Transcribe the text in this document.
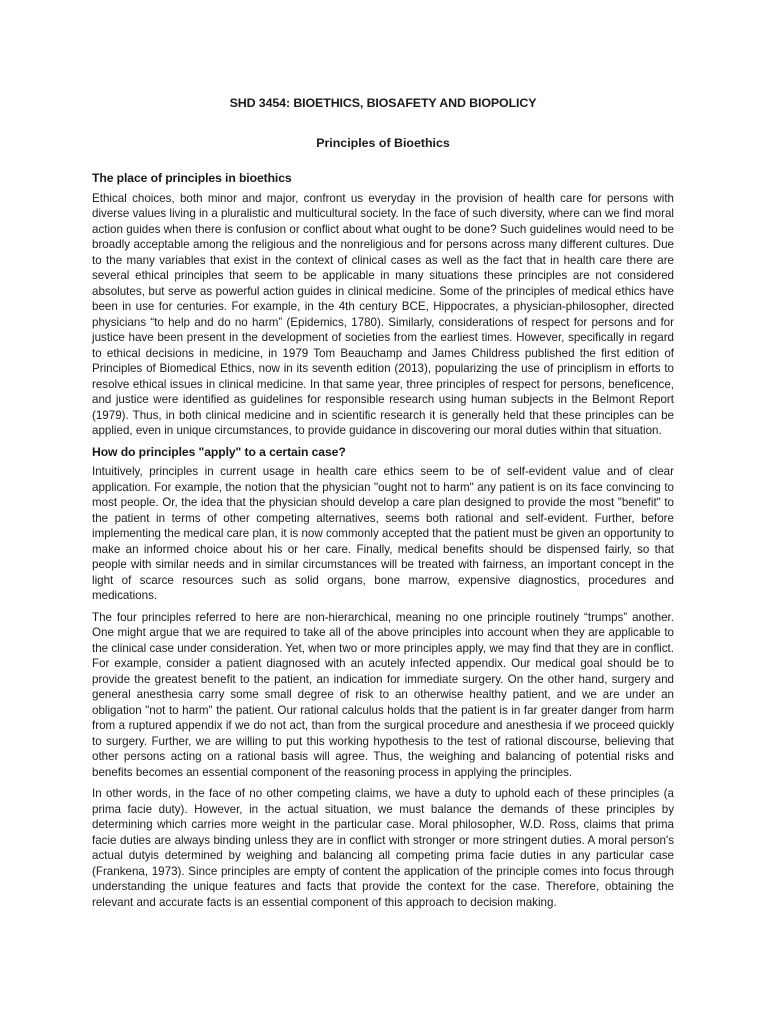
SHD 3454: BIOETHICS, BIOSAFETY AND BIOPOLICY
Principles of Bioethics
The place of principles in bioethics

Ethical choices, both minor and major, confront us everyday in the provision of health care for persons with diverse values living in a pluralistic and multicultural society. In the face of such diversity, where can we find moral action guides when there is confusion or conflict about what ought to be done? Such guidelines would need to be broadly acceptable among the religious and the nonreligious and for persons across many different cultures. Due to the many variables that exist in the context of clinical cases as well as the fact that in health care there are several ethical principles that seem to be applicable in many situations these principles are not considered absolutes, but serve as powerful action guides in clinical medicine. Some of the principles of medical ethics have been in use for centuries. For example, in the 4th century BCE, Hippocrates, a physician-philosopher, directed physicians “to help and do no harm” (Epidemics, 1780). Similarly, considerations of respect for persons and for justice have been present in the development of societies from the earliest times. However, specifically in regard to ethical decisions in medicine, in 1979 Tom Beauchamp and James Childress published the first edition of Principles of Biomedical Ethics, now in its seventh edition (2013), popularizing the use of principlism in efforts to resolve ethical issues in clinical medicine. In that same year, three principles of respect for persons, beneficence, and justice were identified as guidelines for responsible research using human subjects in the Belmont Report (1979). Thus, in both clinical medicine and in scientific research it is generally held that these principles can be applied, even in unique circumstances, to provide guidance in discovering our moral duties within that situation.

How do principles "apply" to a certain case?

Intuitively, principles in current usage in health care ethics seem to be of self-evident value and of clear application. For example, the notion that the physician "ought not to harm" any patient is on its face convincing to most people. Or, the idea that the physician should develop a care plan designed to provide the most "benefit" to the patient in terms of other competing alternatives, seems both rational and self-evident. Further, before implementing the medical care plan, it is now commonly accepted that the patient must be given an opportunity to make an informed choice about his or her care. Finally, medical benefits should be dispensed fairly, so that people with similar needs and in similar circumstances will be treated with fairness, an important concept in the light of scarce resources such as solid organs, bone marrow, expensive diagnostics, procedures and medications.

The four principles referred to here are non-hierarchical, meaning no one principle routinely “trumps” another. One might argue that we are required to take all of the above principles into account when they are applicable to the clinical case under consideration. Yet, when two or more principles apply, we may find that they are in conflict. For example, consider a patient diagnosed with an acutely infected appendix. Our medical goal should be to provide the greatest benefit to the patient, an indication for immediate surgery. On the other hand, surgery and general anesthesia carry some small degree of risk to an otherwise healthy patient, and we are under an obligation "not to harm" the patient. Our rational calculus holds that the patient is in far greater danger from harm from a ruptured appendix if we do not act, than from the surgical procedure and anesthesia if we proceed quickly to surgery. Further, we are willing to put this working hypothesis to the test of rational discourse, believing that other persons acting on a rational basis will agree. Thus, the weighing and balancing of potential risks and benefits becomes an essential component of the reasoning process in applying the principles.

In other words, in the face of no other competing claims, we have a duty to uphold each of these principles (a prima facie duty). However, in the actual situation, we must balance the demands of these principles by determining which carries more weight in the particular case. Moral philosopher, W.D. Ross, claims that prima facie duties are always binding unless they are in conflict with stronger or more stringent duties. A moral person's actual dutyis determined by weighing and balancing all competing prima facie duties in any particular case (Frankena, 1973). Since principles are empty of content the application of the principle comes into focus through understanding the unique features and facts that provide the context for the case. Therefore, obtaining the relevant and accurate facts is an essential component of this approach to decision making.
